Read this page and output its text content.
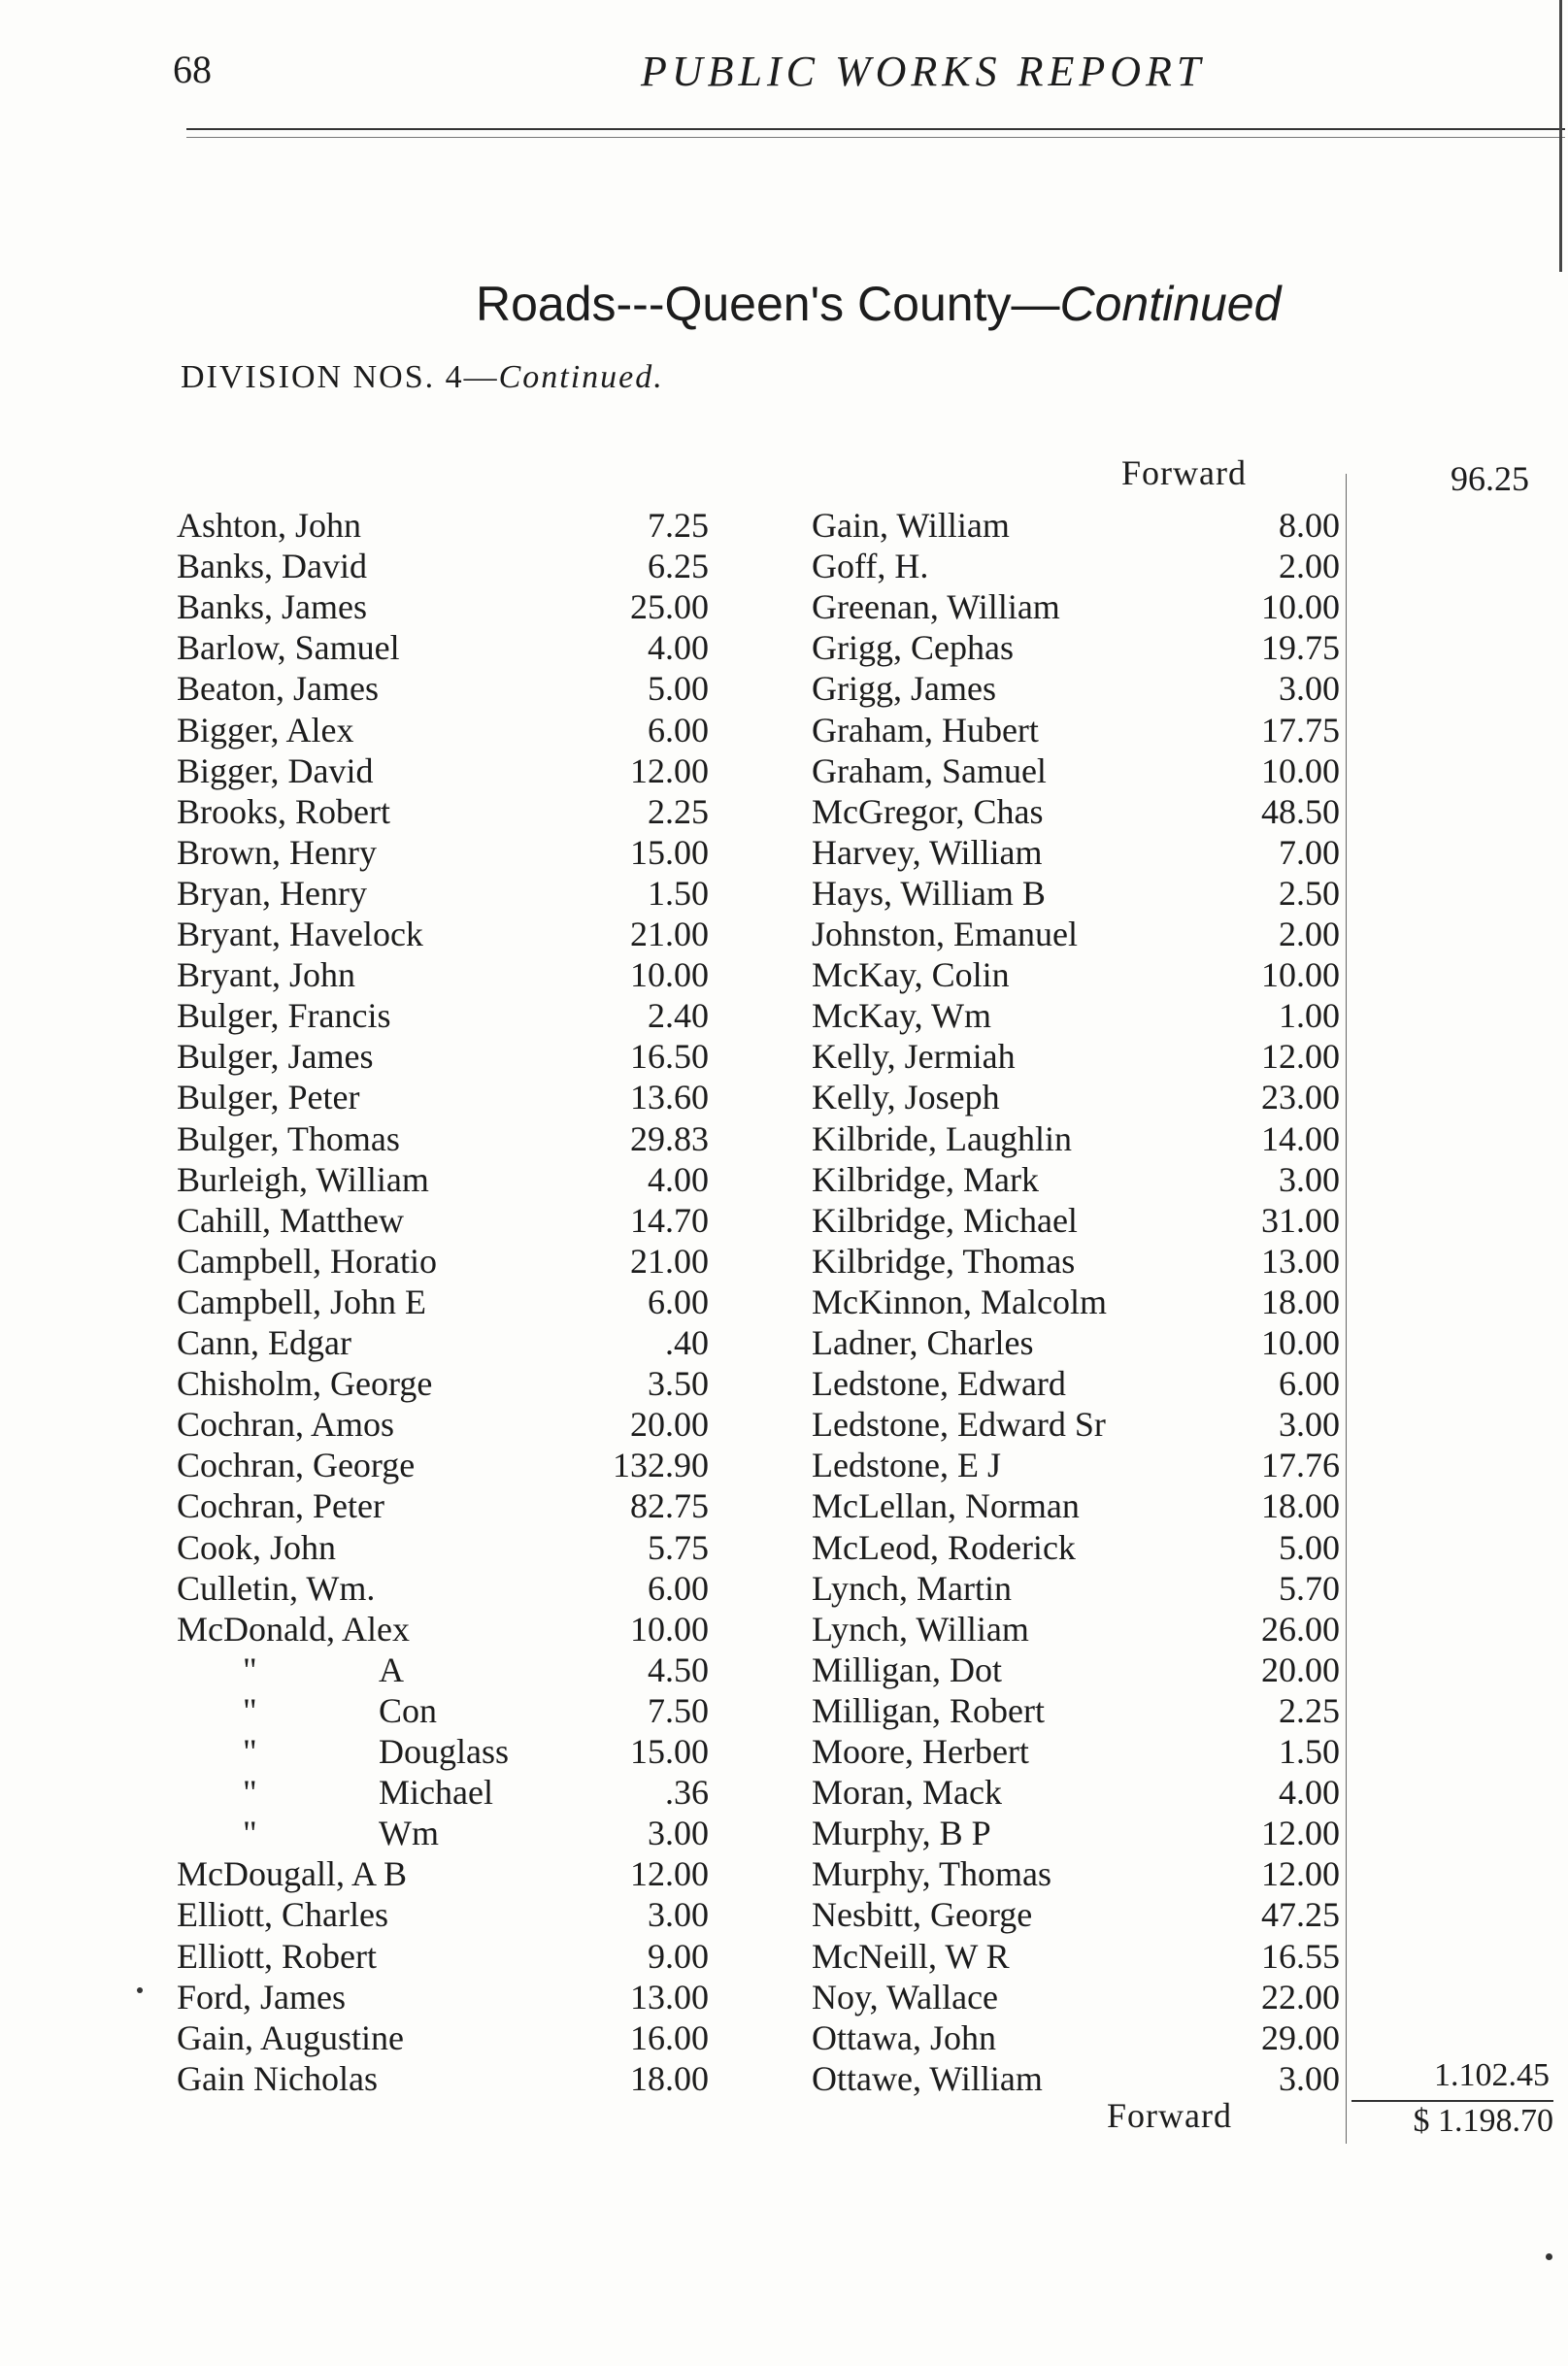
68	PUBLIC WORKS REPORT
Roads---Queen's County—Continued
DIVISION NOS. 4—Continued.
Forward	96.25
Ashton, John	7.25
Banks, David	6.25
Banks, James	25.00
Barlow, Samuel	4.00
Beaton, James	5.00
Bigger, Alex	6.00
Bigger, David	12.00
Brooks, Robert	2.25
Brown, Henry	15.00
Bryan, Henry	1.50
Bryant, Havelock	21.00
Bryant, John	10.00
Bulger, Francis	2.40
Bulger, James	16.50
Bulger, Peter	13.60
Bulger, Thomas	29.83
Burleigh, William	4.00
Cahill, Matthew	14.70
Campbell, Horatio	21.00
Campbell, John E	6.00
Cann, Edgar	.40
Chisholm, George	3.50
Cochran, Amos	20.00
Cochran, George	132.90
Cochran, Peter	82.75
Cook, John	5.75
Culletin, Wm.	6.00
McDonald, Alex	10.00
"	A	4.50
"	Con	7.50
"	Douglass	15.00
"	Michael	.36
"	Wm	3.00
McDougall, A B	12.00
Elliott, Charles	3.00
Elliott, Robert	9.00
Ford, James	13.00
Gain, Augustine	16.00
Gain Nicholas	18.00
Gain, William	8.00
Goff, H.	2.00
Greenan, William	10.00
Grigg, Cephas	19.75
Grigg, James	3.00
Graham, Hubert	17.75
Graham, Samuel	10.00
McGregor, Chas	48.50
Harvey, William	7.00
Hays, William B	2.50
Johnston, Emanuel	2.00
McKay, Colin	10.00
McKay, Wm	1.00
Kelly, Jermiah	12.00
Kelly, Joseph	23.00
Kilbride, Laughlin	14.00
Kilbridge, Mark	3.00
Kilbridge, Michael	31.00
Kilbridge, Thomas	13.00
McKinnon, Malcolm	18.00
Ladner, Charles	10.00
Ledstone, Edward	6.00
Ledstone, Edward Sr	3.00
Ledstone, E J	17.76
McLellan, Norman	18.00
McLeod, Roderick	5.00
Lynch, Martin	5.70
Lynch, William	26.00
Milligan, Dot	20.00
Milligan, Robert	2.25
Moore, Herbert	1.50
Moran, Mack	4.00
Murphy, B P	12.00
Murphy, Thomas	12.00
Nesbitt, George	47.25
McNeill, W R	16.55
Noy, Wallace	22.00
Ottawa, John	29.00
Ottawe, William	3.00	1.102.45
Forward	$ 1.198.70
